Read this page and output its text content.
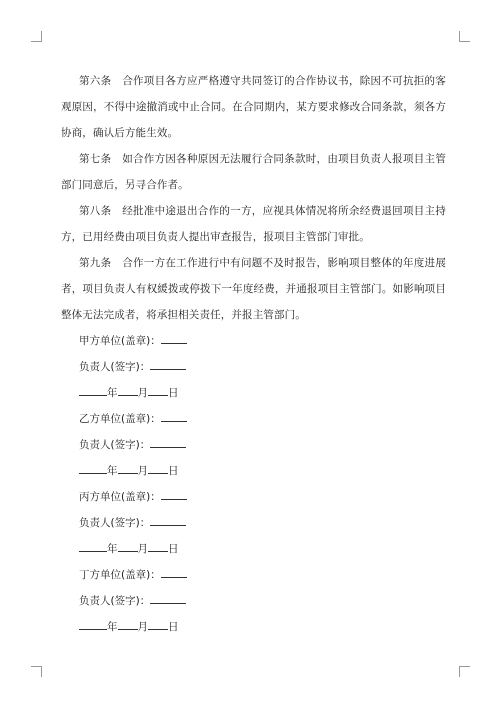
第六条　合作项目各方应严格遵守共同签订的合作协议书，除因不可抗拒的客观原因，不得中途撤消或中止合同。在合同期内，某方要求修改合同条款，须各方协商，确认后方能生效。

第七条　如合作方因各种原因无法履行合同条款时，由项目负责人报项目主管部门同意后，另寻合作者。

第八条　经批准中途退出合作的一方，应视具体情况将所余经费退回项目主持方，已用经费由项目负责人提出审查报告，报项目主管部门审批。

第九条　合作一方在工作进行中有问题不及时报告，影响项目整体的年度进展者，项目负责人有权緩拨或停拨下一年度经费，并通报项目主管部门。如影响项目整体无法完成者，将承担相关责任，并报主管部门。

甲方单位(盖章)：

负责人(签字)：

年 月 日

乙方单位(盖章)：

负责人(签字)：

年 月 日

丙方单位(盖章)：

负责人(签字)：

年 月 日

丁方单位(盖章)：

负责人(签字)：

年 月 日
